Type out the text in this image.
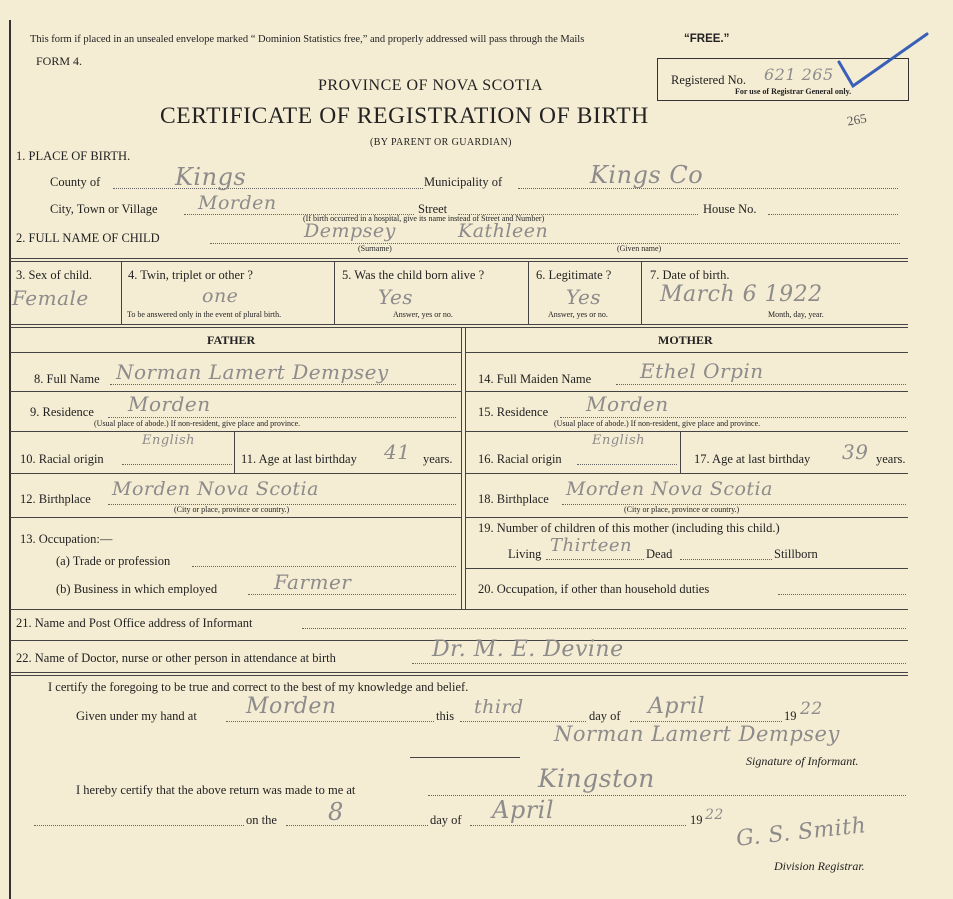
This form if placed in an unsealed envelope marked “ Dominion Statistics free,” and properly addressed will pass through the Mails	“FREE.”
FORM 4.
PROVINCE OF NOVA SCOTIA
CERTIFICATE OF REGISTRATION OF BIRTH
(BY PARENT OR GUARDIAN)
Registered No. 621 265
For use of Registrar General only.
265
1. PLACE OF BIRTH.
County of	Kings	Municipality of	Kings Co
City, Town or Village Morden	Street	House No.
(If birth occurred in a hospital, give its name instead of Street and Number)
2. FULL NAME OF CHILD	Dempsey	Kathleen
(Surname)	(Given name)
3. Sex of child.
Female
4. Twin, triplet or other ?
one
To be answered only in the event of plural birth.
5. Was the child born alive ?
Yes
Answer, yes or no.
6. Legitimate ?
Yes
Answer, yes or no.
7. Date of birth.
March 6 1922
Month, day, year.
FATHER
8. Full Name Norman Lamert Dempsey
9. Residence Morden
(Usual place of abode.) If non-resident, give place and province.
10. Racial origin
English
11. Age at last birthday 41 years.
12. Birthplace Morden Nova Scotia
(City or place, province or country.)
13. Occupation:—
(a) Trade or profession
(b) Business in which employed	Farmer
MOTHER
14. Full Maiden Name Ethel Orpin
15. Residence Morden
(Usual place of abode.) If non-resident, give place and province.
16. Racial origin
English
17. Age at last birthday 39 years.
18. Birthplace Morden Nova Scotia
(City or place, province or country.)
19. Number of children of this mother (including this child.)
Living Thirteen Dead	Stillborn
20. Occupation, if other than household duties
21. Name and Post Office address of Informant
22. Name of Doctor, nurse or other person in attendance at birth	Dr. M. E. Devine
I certify the foregoing to be true and correct to the best of my knowledge and belief.
Given under my hand at Morden	this third	day of April	19 22
Norman Lamert Dempsey
Signature of Informant.
I hereby certify that the above return was made to me at	Kingston
on the 8	day of April	19 22 G. S. Smith
Division Registrar.
